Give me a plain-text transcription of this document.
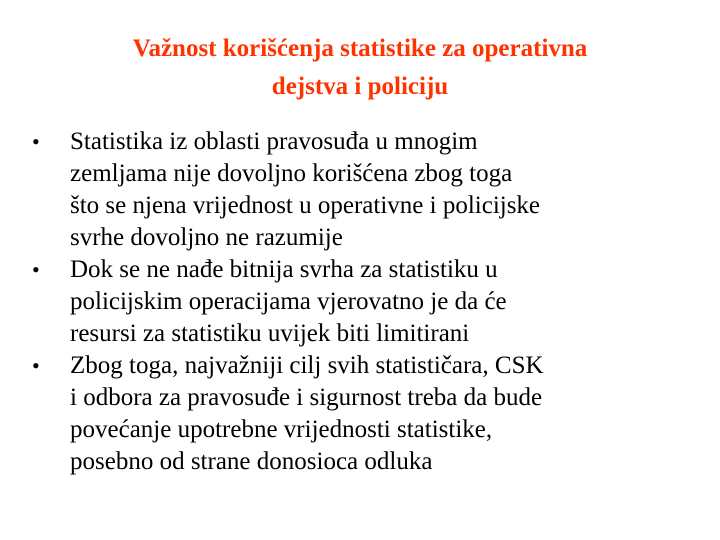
Važnost korišćenja statistike za operativna
dejstva i policiju
•	Statistika iz oblasti pravosuđa u mnogim
zemljama nije dovoljno korišćena zbog toga
što se njena vrijednost u operativne i policijske
svrhe dovoljno ne razumije
•	Dok se ne nađe bitnija svrha za statistiku u
policijskim operacijama vjerovatno je da će
resursi za statistiku uvijek biti limitirani
•	Zbog toga, najvažniji cilj svih statističara, CSK
i odbora za pravosuđe i sigurnost treba da bude
povećanje upotrebne vrijednosti statistike,
posebno od strane donosioca odluka
